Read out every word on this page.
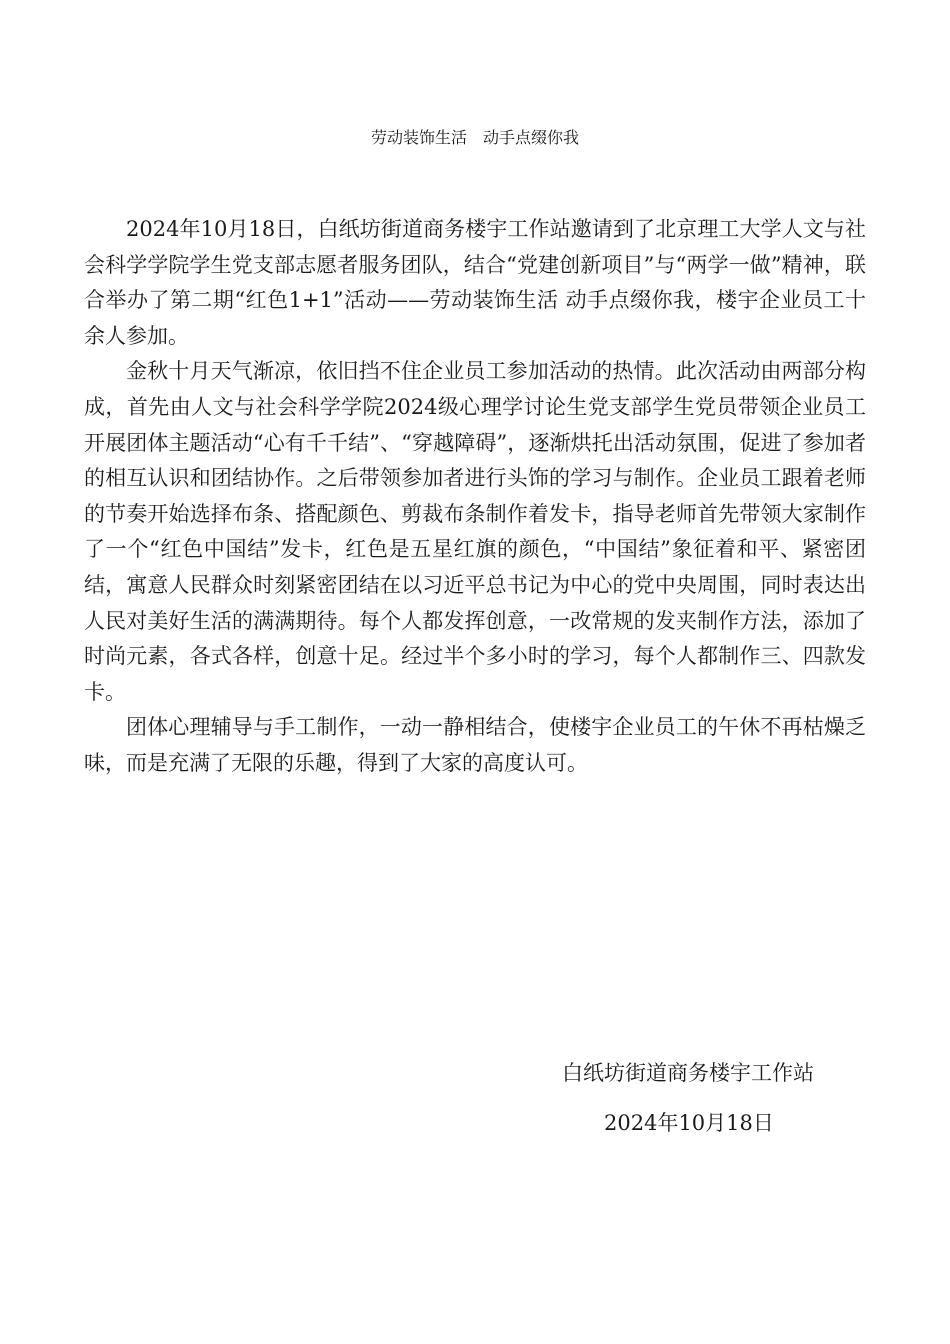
劳动装饰生活　动手点缀你我

2024年10月18日，白纸坊街道商务楼宇工作站邀请到了北京理工大学人文与社会科学学院学生党支部志愿者服务团队，结合“党建创新项目”与“两学一做”精神，联合举办了第二期“红色1+1”活动——劳动装饰生活 动手点缀你我，楼宇企业员工十余人参加。

金秋十月天气渐凉，依旧挡不住企业员工参加活动的热情。此次活动由两部分构成，首先由人文与社会科学学院2024级心理学讨论生党支部学生党员带领企业员工开展团体主题活动“心有千千结”、“穿越障碍”，逐渐烘托出活动氛围，促进了参加者的相互认识和团结协作。之后带领参加者进行头饰的学习与制作。企业员工跟着老师的节奏开始选择布条、搭配颜色、剪裁布条制作着发卡，指导老师首先带领大家制作了一个“红色中国结”发卡，红色是五星红旗的颜色，“中国结”象征着和平、紧密团结，寓意人民群众时刻紧密团结在以习近平总书记为中心的党中央周围，同时表达出人民对美好生活的满满期待。每个人都发挥创意，一改常规的发夹制作方法，添加了时尚元素，各式各样，创意十足。经过半个多小时的学习，每个人都制作三、四款发卡。

团体心理辅导与手工制作，一动一静相结合，使楼宇企业员工的午休不再枯燥乏味，而是充满了无限的乐趣，得到了大家的高度认可。

白纸坊街道商务楼宇工作站
2024年10月18日
